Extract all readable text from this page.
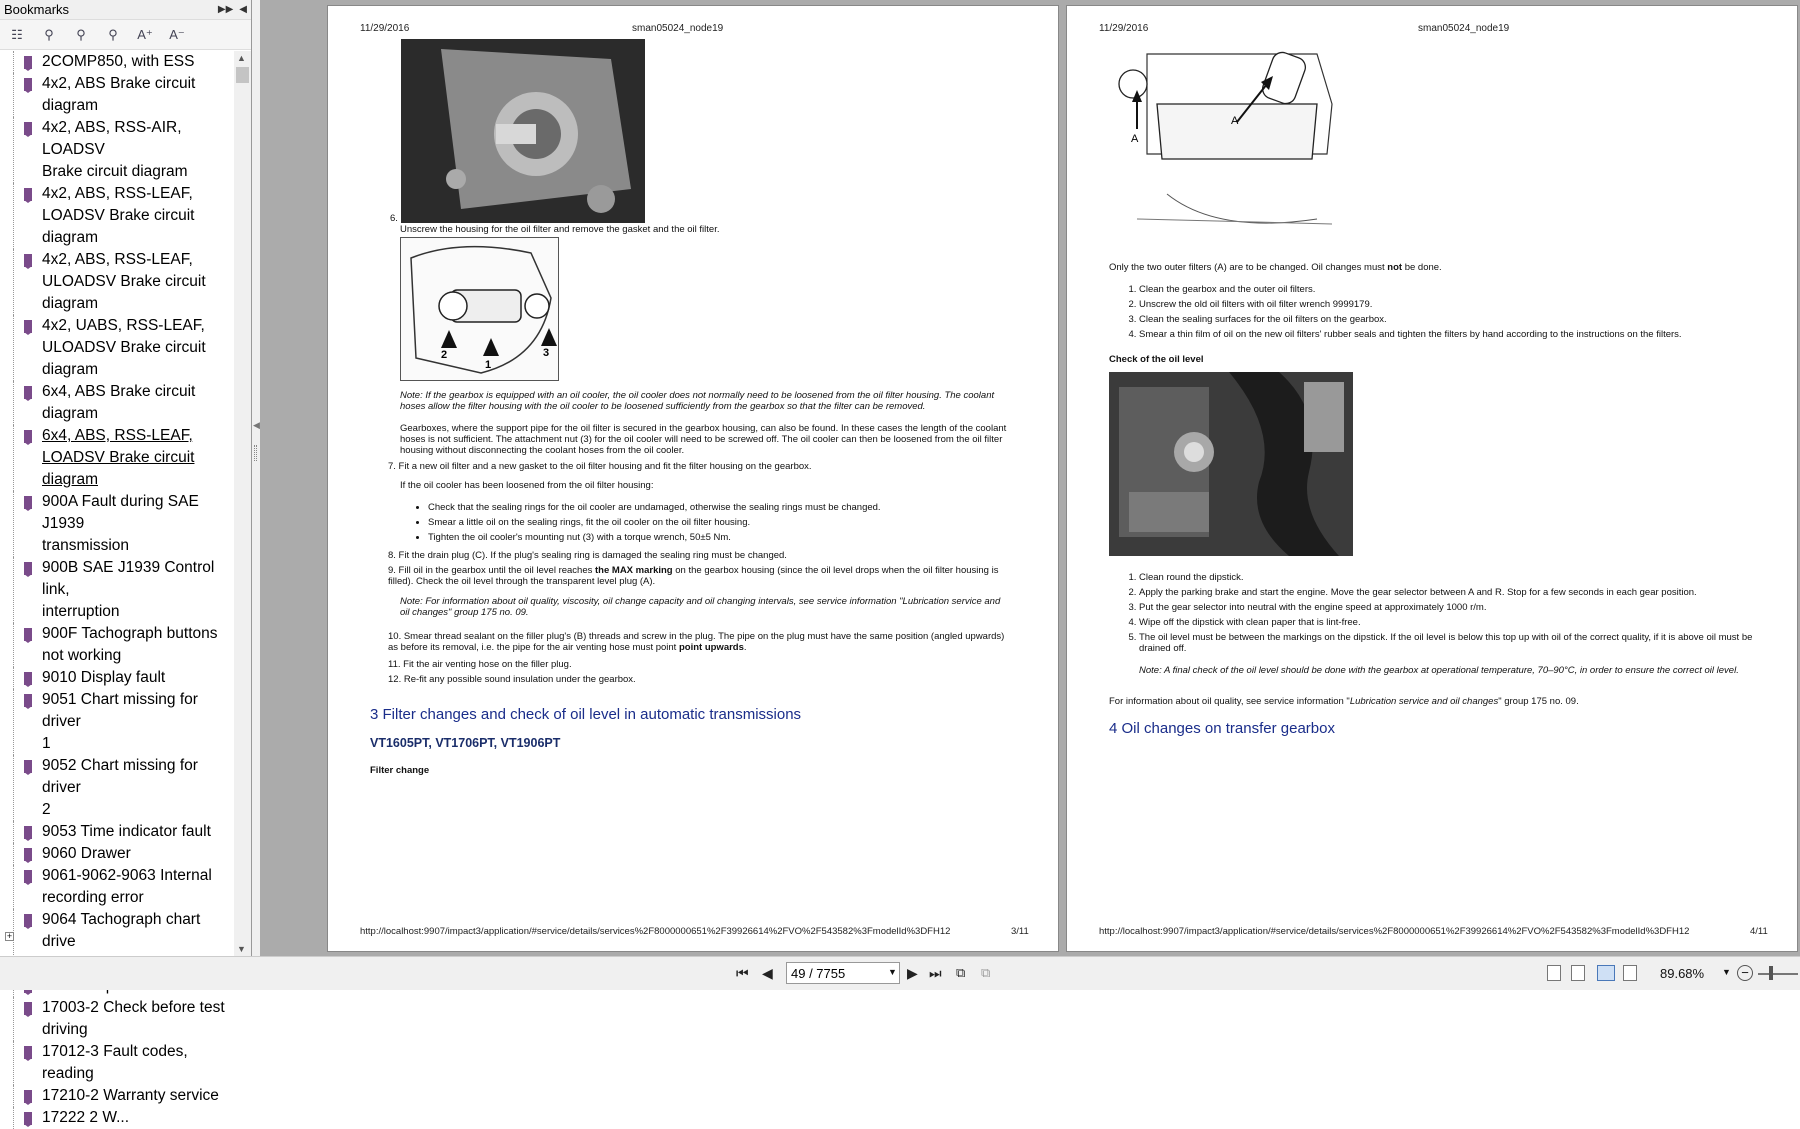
Bookmarks	▶▶ ◀
☷	⚲	⚲	⚲	A⁺ A⁻
2COMP850, with ESS
4x2, ABS Brake circuit
diagram
4x2, ABS, RSS-AIR, LOADSV
Brake circuit diagram
4x2, ABS, RSS-LEAF,
LOADSV Brake circuit
diagram
4x2, ABS, RSS-LEAF,
ULOADSV Brake circuit
diagram
4x2, UABS, RSS-LEAF,
ULOADSV Brake circuit
diagram
6x4, ABS Brake circuit
diagram
6x4, ABS, RSS-LEAF,
LOADSV Brake circuit
diagram
900A Fault during SAE J1939
transmission
900B SAE J1939 Control link,
interruption
900F Tachograph buttons
not working
9010 Display fault
9051 Chart missing for driver
1
9052 Chart missing for driver
2
9053 Time indicator fault
9060 Drawer
9061-9062-9063 Internal
recording error
9064 Tachograph chart drive

17003-2 Check before test
driving
17012-3 Fault codes, reading
17210-2 Warranty service
17222 2 W...
+
▲
▼
◀
11/29/2016	sman05024_node19
6.
Unscrew the housing for the oil filter and remove the gasket and the oil filter.
2
1
3
Note: If the gearbox is equipped with an oil cooler, the oil cooler does not normally need to be loosened from the oil filter housing. The coolant hoses allow the filter housing with the oil cooler to be loosened sufficiently from the gearbox so that the filter can be removed.
Gearboxes, where the support pipe for the oil filter is secured in the gearbox housing, can also be found. In these cases the length of the coolant hoses is not sufficient. The attachment nut (3) for the oil cooler will need to be screwed off. The oil cooler can then be loosened from the oil filter housing without disconnecting the coolant hoses from the oil cooler.
7. Fit a new oil filter and a new gasket to the oil filter housing and fit the filter housing on the gearbox.
If the oil cooler has been loosened from the oil filter housing:
• Check that the sealing rings for the oil cooler are undamaged, otherwise the sealing rings must be changed.
• Smear a little oil on the sealing rings, fit the oil cooler on the oil filter housing.
• Tighten the oil cooler's mounting nut (3) with a torque wrench, 50±5 Nm.
8. Fit the drain plug (C). If the plug's sealing ring is damaged the sealing ring must be changed.
9. Fill oil in the gearbox until the oil level reaches the MAX marking on the gearbox housing (since the oil level drops when the oil filter housing is filled). Check the oil level through the transparent level plug (A).
Note: For information about oil quality, viscosity, oil change capacity and oil changing intervals, see service information "Lubrication service and oil changes" group 175 no. 09.
10. Smear thread sealant on the filler plug's (B) threads and screw in the plug. The pipe on the plug must have the same position (angled upwards) as before its removal, i.e. the pipe for the air venting hose must point point upwards.
11. Fit the air venting hose on the filler plug.
12. Re-fit any possible sound insulation under the gearbox.
3 Filter changes and check of oil level in automatic transmissions
VT1605PT, VT1706PT, VT1906PT
Filter change
http://localhost:9907/impact3/application/#service/details/services%2F8000000651%2F39926614%2FVO%2F543582%3FmodelId%3DFH12	3/11
11/29/2016	sman05024_node19
A
A
Only the two outer filters (A) are to be changed. Oil changes must not be done.
1. Clean the gearbox and the outer oil filters.
2. Unscrew the old oil filters with oil filter wrench 9999179.
3. Clean the sealing surfaces for the oil filters on the gearbox.
4. Smear a thin film of oil on the new oil filters' rubber seals and tighten the filters by hand according to the instructions on the filters.
Check of the oil level
1. Clean round the dipstick.
2. Apply the parking brake and start the engine. Move the gear selector between A and R. Stop for a few seconds in each gear position.
3. Put the gear selector into neutral with the engine speed at approximately 1000 r/m.
4. Wipe off the dipstick with clean paper that is lint-free.
5. The oil level must be between the markings on the dipstick. If the oil level is below this top up with oil of the correct quality, if it is above oil must be drained off.
Note: A final check of the oil level should be done with the gearbox at operational temperature, 70–90°C, in order to ensure the correct oil level.
For information about oil quality, see service information "Lubrication service and oil changes" group 175 no. 09.
4 Oil changes on transfer gearbox
http://localhost:9907/impact3/application/#service/details/services%2F8000000651%2F39926614%2FVO%2F543582%3FmodelId%3DFH12	4/11
⏮ ◀
49 / 7755	▼ ▶ ⏭ ⧉ ⧉	89.68% ▼ −
